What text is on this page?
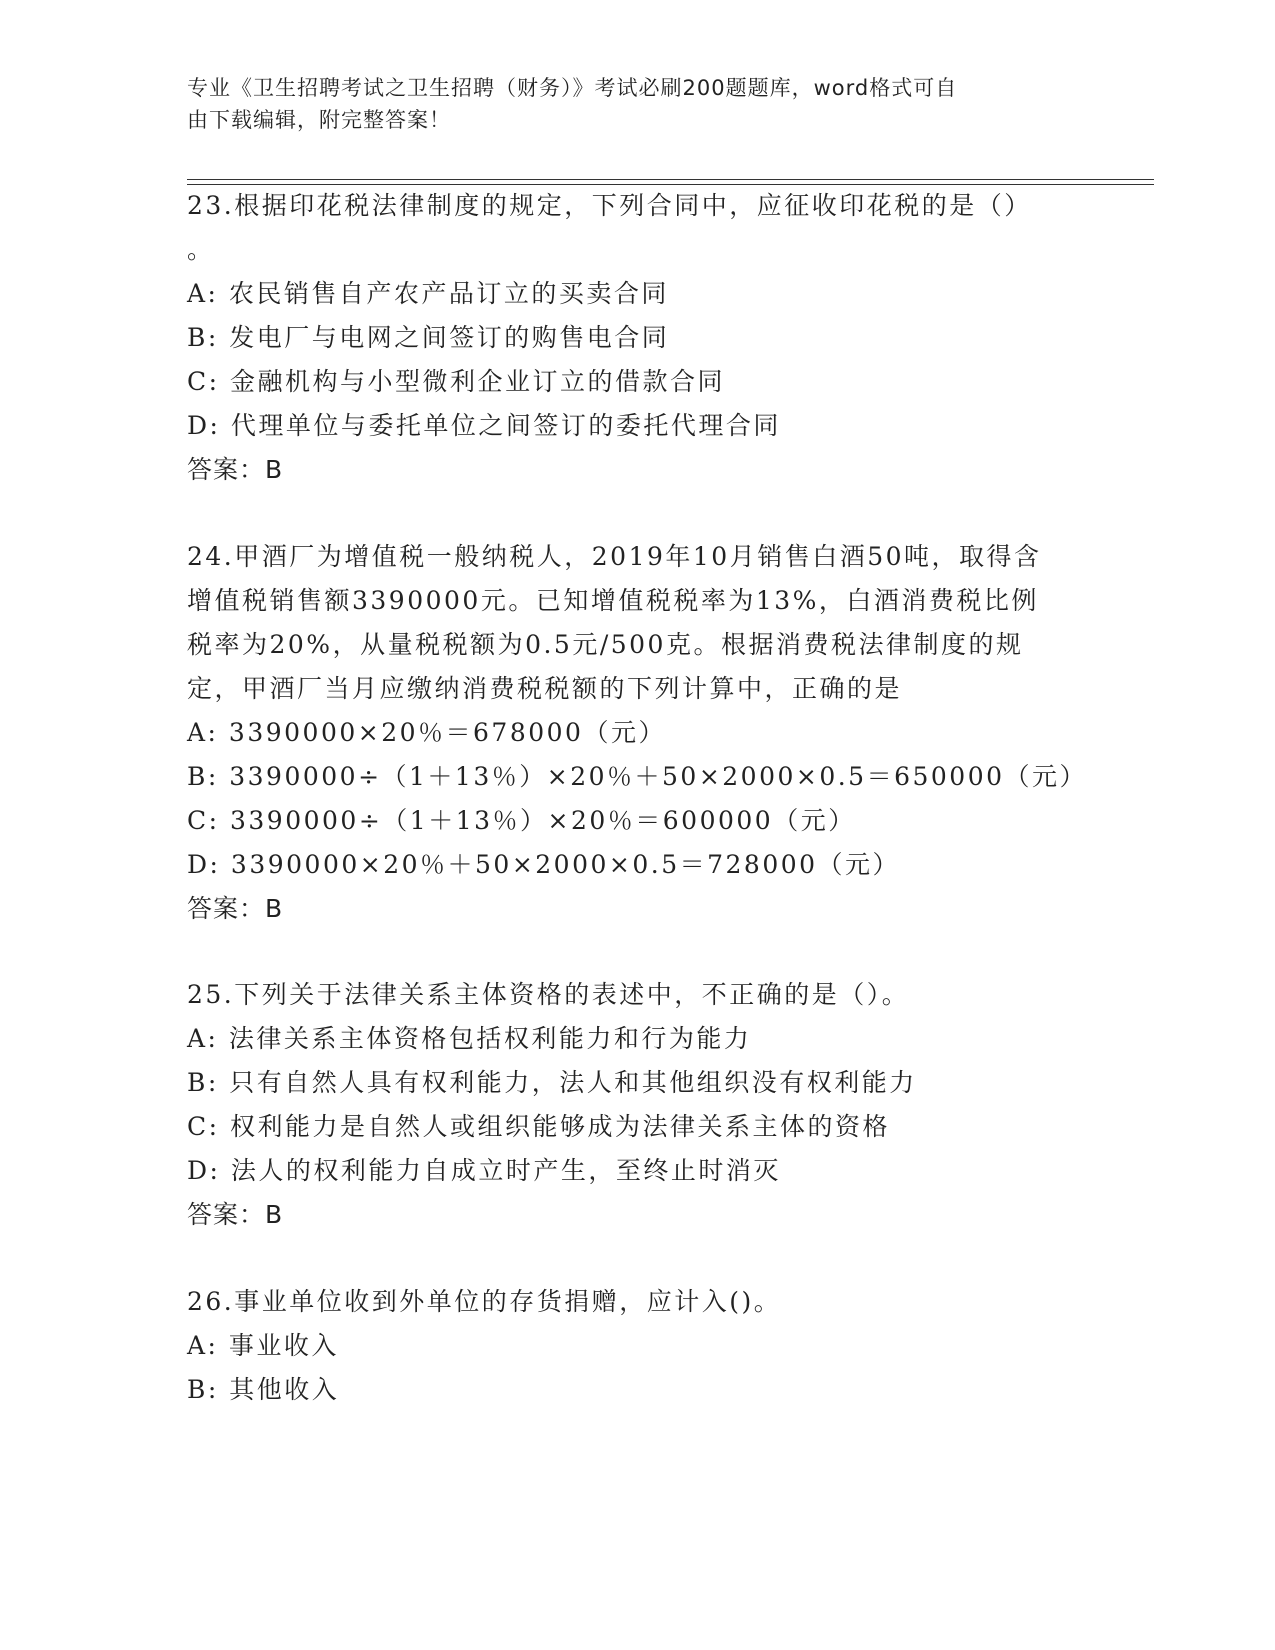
专业《卫生招聘考试之卫生招聘（财务）》考试必刷200题题库，word格式可自

由下载编辑，附完整答案！

23.根据印花税法律制度的规定，下列合同中，应征收印花税的是（）
。
A: 农民销售自产农产品订立的买卖合同
B: 发电厂与电网之间签订的购售电合同
C: 金融机构与小型微利企业订立的借款合同
D: 代理单位与委托单位之间签订的委托代理合同
答案：B
24.甲酒厂为增值税一般纳税人，2019年10月销售白酒50吨，取得含
增值税销售额3390000元。已知增值税税率为13%，白酒消费税比例
税率为20%，从量税税额为0.5元/500克。根据消费税法律制度的规
定，甲酒厂当月应缴纳消费税税额的下列计算中，正确的是
A: 3390000×20％＝678000（元）
B: 3390000÷（1＋13％）×20％＋50×2000×0.5＝650000（元）
C: 3390000÷（1＋13％）×20％＝600000（元）
D: 3390000×20％＋50×2000×0.5＝728000（元）
答案：B
25.下列关于法律关系主体资格的表述中，不正确的是（）。
A: 法律关系主体资格包括权利能力和行为能力
B: 只有自然人具有权利能力，法人和其他组织没有权利能力
C: 权利能力是自然人或组织能够成为法律关系主体的资格
D: 法人的权利能力自成立时产生，至终止时消灭
答案：B
26.事业单位收到外单位的存货捐赠，应计入()。
A: 事业收入
B: 其他收入
